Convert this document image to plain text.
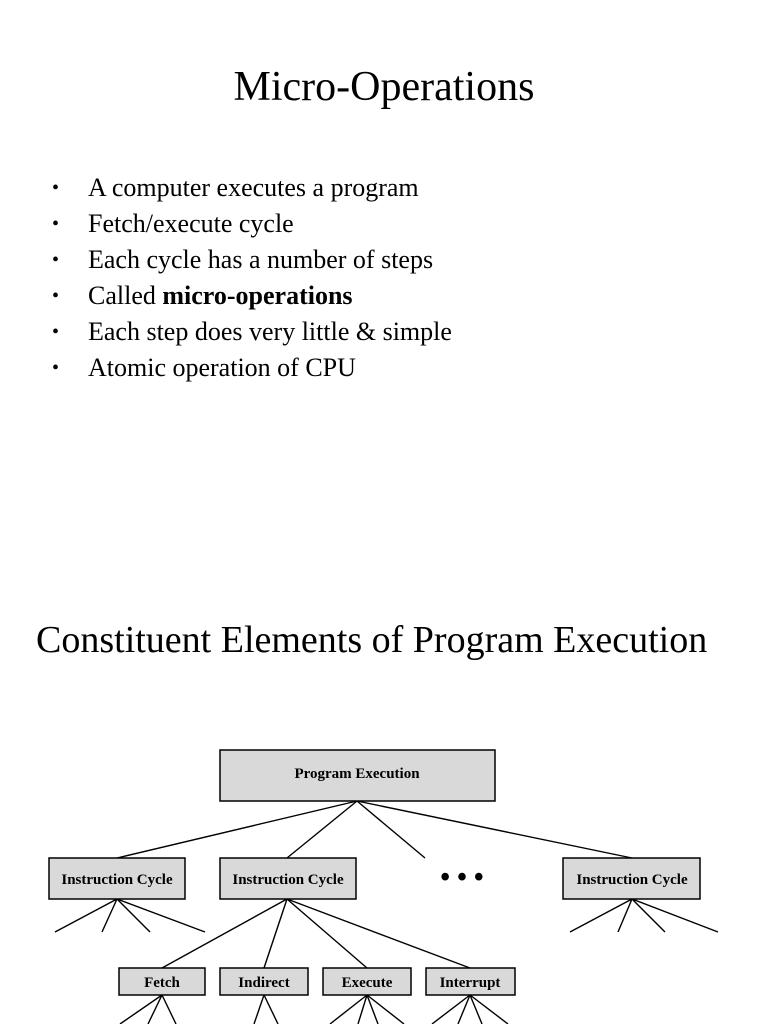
Micro-Operations
• A computer executes a program
• Fetch/execute cycle
• Each cycle has a number of steps
• Called micro-operations
• Each step does very little & simple
• Atomic operation of CPU
Constituent Elements of Program Execution
Program Execution
Instruction Cycle	Instruction Cycle	• • •	Instruction Cycle
Fetch	Indirect	Execute	Interrupt
